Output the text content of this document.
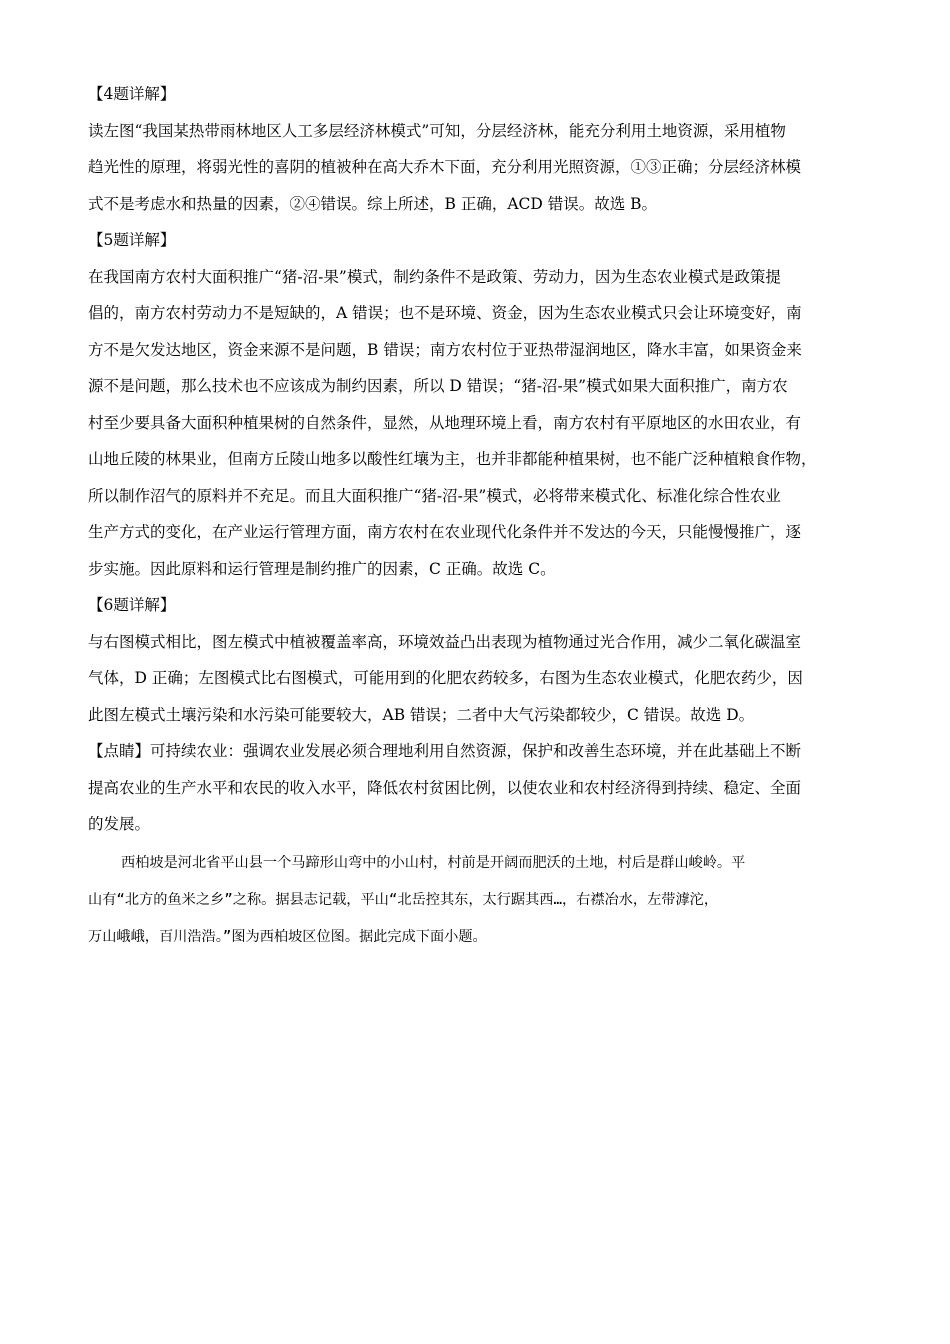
【4题详解】
读左图“我国某热带雨林地区人工多层经济林模式”可知，分层经济林，能充分利用土地资源，采用植物
趋光性的原理，将弱光性的喜阴的植被种在高大乔木下面，充分利用光照资源，①③正确；分层经济林模
式不是考虑水和热量的因素，②④错误。综上所述，B 正确，ACD 错误。故选 B。
【5题详解】
在我国南方农村大面积推广“猪-沼-果”模式，制约条件不是政策、劳动力，因为生态农业模式是政策提
倡的，南方农村劳动力不是短缺的，A 错误；也不是环境、资金，因为生态农业模式只会让环境变好，南
方不是欠发达地区，资金来源不是问题，B 错误；南方农村位于亚热带湿润地区，降水丰富，如果资金来
源不是问题，那么技术也不应该成为制约因素，所以 D 错误；“猪-沼-果”模式如果大面积推广，南方农
村至少要具备大面积种植果树的自然条件，显然，从地理环境上看，南方农村有平原地区的水田农业，有
山地丘陵的林果业，但南方丘陵山地多以酸性红壤为主，也并非都能种植果树，也不能广泛种植粮食作物，
所以制作沼气的原料并不充足。而且大面积推广“猪-沼-果”模式，必将带来模式化、标准化综合性农业
生产方式的变化，在产业运行管理方面，南方农村在农业现代化条件并不发达的今天，只能慢慢推广，逐
步实施。因此原料和运行管理是制约推广的因素，C 正确。故选 C。
【6题详解】
与右图模式相比，图左模式中植被覆盖率高，环境效益凸出表现为植物通过光合作用，减少二氧化碳温室
气体，D 正确；左图模式比右图模式，可能用到的化肥农药较多，右图为生态农业模式，化肥农药少，因
此图左模式土壤污染和水污染可能要较大，AB 错误；二者中大气污染都较少，C 错误。故选 D。
【点睛】可持续农业：强调农业发展必须合理地利用自然资源，保护和改善生态环境，并在此基础上不断
提高农业的生产水平和农民的收入水平，降低农村贫困比例，以使农业和农村经济得到持续、稳定、全面
的发展。
西柏坡是河北省平山县一个马蹄形山弯中的小山村，村前是开阔而肥沃的土地，村后是群山峻岭。平
山有“北方的鱼米之乡”之称。据县志记载，平山“北岳控其东，太行踞其西…，右襟冶水，左带滹沱，
万山峨峨，百川浩浩。”图为西柏坡区位图。据此完成下面小题。
